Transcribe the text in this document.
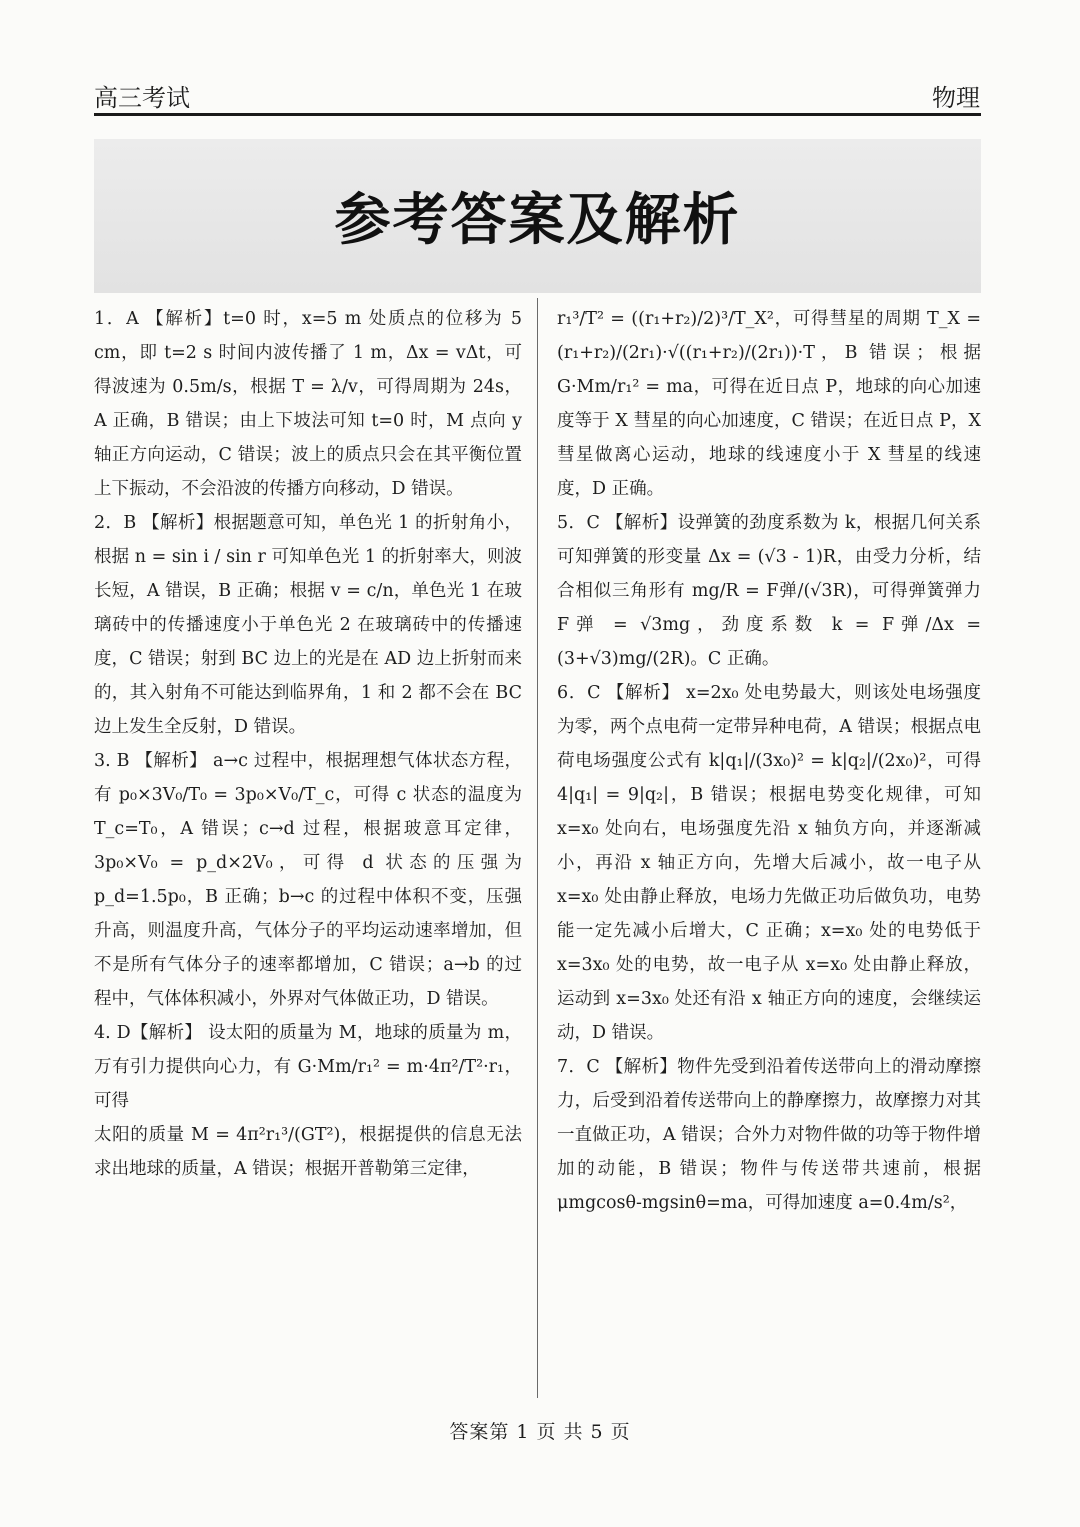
高三考试	物理
参考答案及解析

1．A 【解析】t=0 时，x=5 m 处质点的位移为 5 cm，即 t=2 s 时间内波传播了 1 m，Δx = vΔt，可得波速为 0.5m/s，根据 T = λ/v，可得周期为 24s，A 正确，B 错误；由上下坡法可知 t=0 时，M 点向 y 轴正方向运动，C 错误；波上的质点只会在其平衡位置上下振动，不会沿波的传播方向移动，D 错误。

2．B 【解析】根据题意可知，单色光 1 的折射角小，根据 n = sin i / sin r 可知单色光 1 的折射率大，则波长短，A 错误，B 正确；根据 v = c/n，单色光 1 在玻璃砖中的传播速度小于单色光 2 在玻璃砖中的传播速度，C 错误；射到 BC 边上的光是在 AD 边上折射而来的，其入射角不可能达到临界角，1 和 2 都不会在 BC 边上发生全反射，D 错误。

3. B 【解析】 a→c 过程中，根据理想气体状态方程，有 p₀×3V₀/T₀ = 3p₀×V₀/T_c，可得 c 状态的温度为 T_c=T₀，A 错误；c→d 过程，根据玻意耳定律，3p₀×V₀ = p_d×2V₀，可得 d 状态的压强为 p_d=1.5p₀，B 正确；b→c 的过程中体积不变，压强升高，则温度升高，气体分子的平均运动速率增加，但不是所有气体分子的速率都增加，C 错误；a→b 的过程中，气体体积减小，外界对气体做正功，D 错误。

4. D【解析】 设太阳的质量为 M，地球的质量为 m，万有引力提供向心力，有 G·Mm/r₁² = m·4π²/T²·r₁，可得

太阳的质量 M = 4π²r₁³/(GT²)，根据提供的信息无法求出地球的质量，A 错误；根据开普勒第三定律，

r₁³/T² = ((r₁+r₂)/2)³/T_X²，可得彗星的周期 T_X = (r₁+r₂)/(2r₁)·√((r₁+r₂)/(2r₁))·T，B 错误；根据 G·Mm/r₁² = ma，可得在近日点 P，地球的向心加速度等于 X 彗星的向心加速度，C 错误；在近日点 P，X 彗星做离心运动，地球的线速度小于 X 彗星的线速度，D 正确。

5．C 【解析】设弹簧的劲度系数为 k，根据几何关系可知弹簧的形变量 Δx = (√3 - 1)R，由受力分析，结合相似三角形有 mg/R = F弹/(√3R)，可得弹簧弹力 F弹 = √3mg，劲度系数 k = F弹/Δx = (3+√3)mg/(2R)。C 正确。

6．C 【解析】 x=2x₀ 处电势最大，则该处电场强度为零，两个点电荷一定带异种电荷，A 错误；根据点电荷电场强度公式有 k|q₁|/(3x₀)² = k|q₂|/(2x₀)²，可得 4|q₁| = 9|q₂|，B 错误；根据电势变化规律，可知 x=x₀ 处向右，电场强度先沿 x 轴负方向，并逐渐减小，再沿 x 轴正方向，先增大后减小，故一电子从 x=x₀ 处由静止释放，电场力先做正功后做负功，电势能一定先减小后增大，C 正确；x=x₀ 处的电势低于 x=3x₀ 处的电势，故一电子从 x=x₀ 处由静止释放，运动到 x=3x₀ 处还有沿 x 轴正方向的速度，会继续运动，D 错误。

7．C 【解析】物件先受到沿着传送带向上的滑动摩擦力，后受到沿着传送带向上的静摩擦力，故摩擦力对其一直做正功，A 错误；合外力对物件做的功等于物件增加的动能，B 错误；物件与传送带共速前，根据 μmgcosθ-mgsinθ=ma，可得加速度 a=0.4m/s²，

答案第 1 页 共 5 页
